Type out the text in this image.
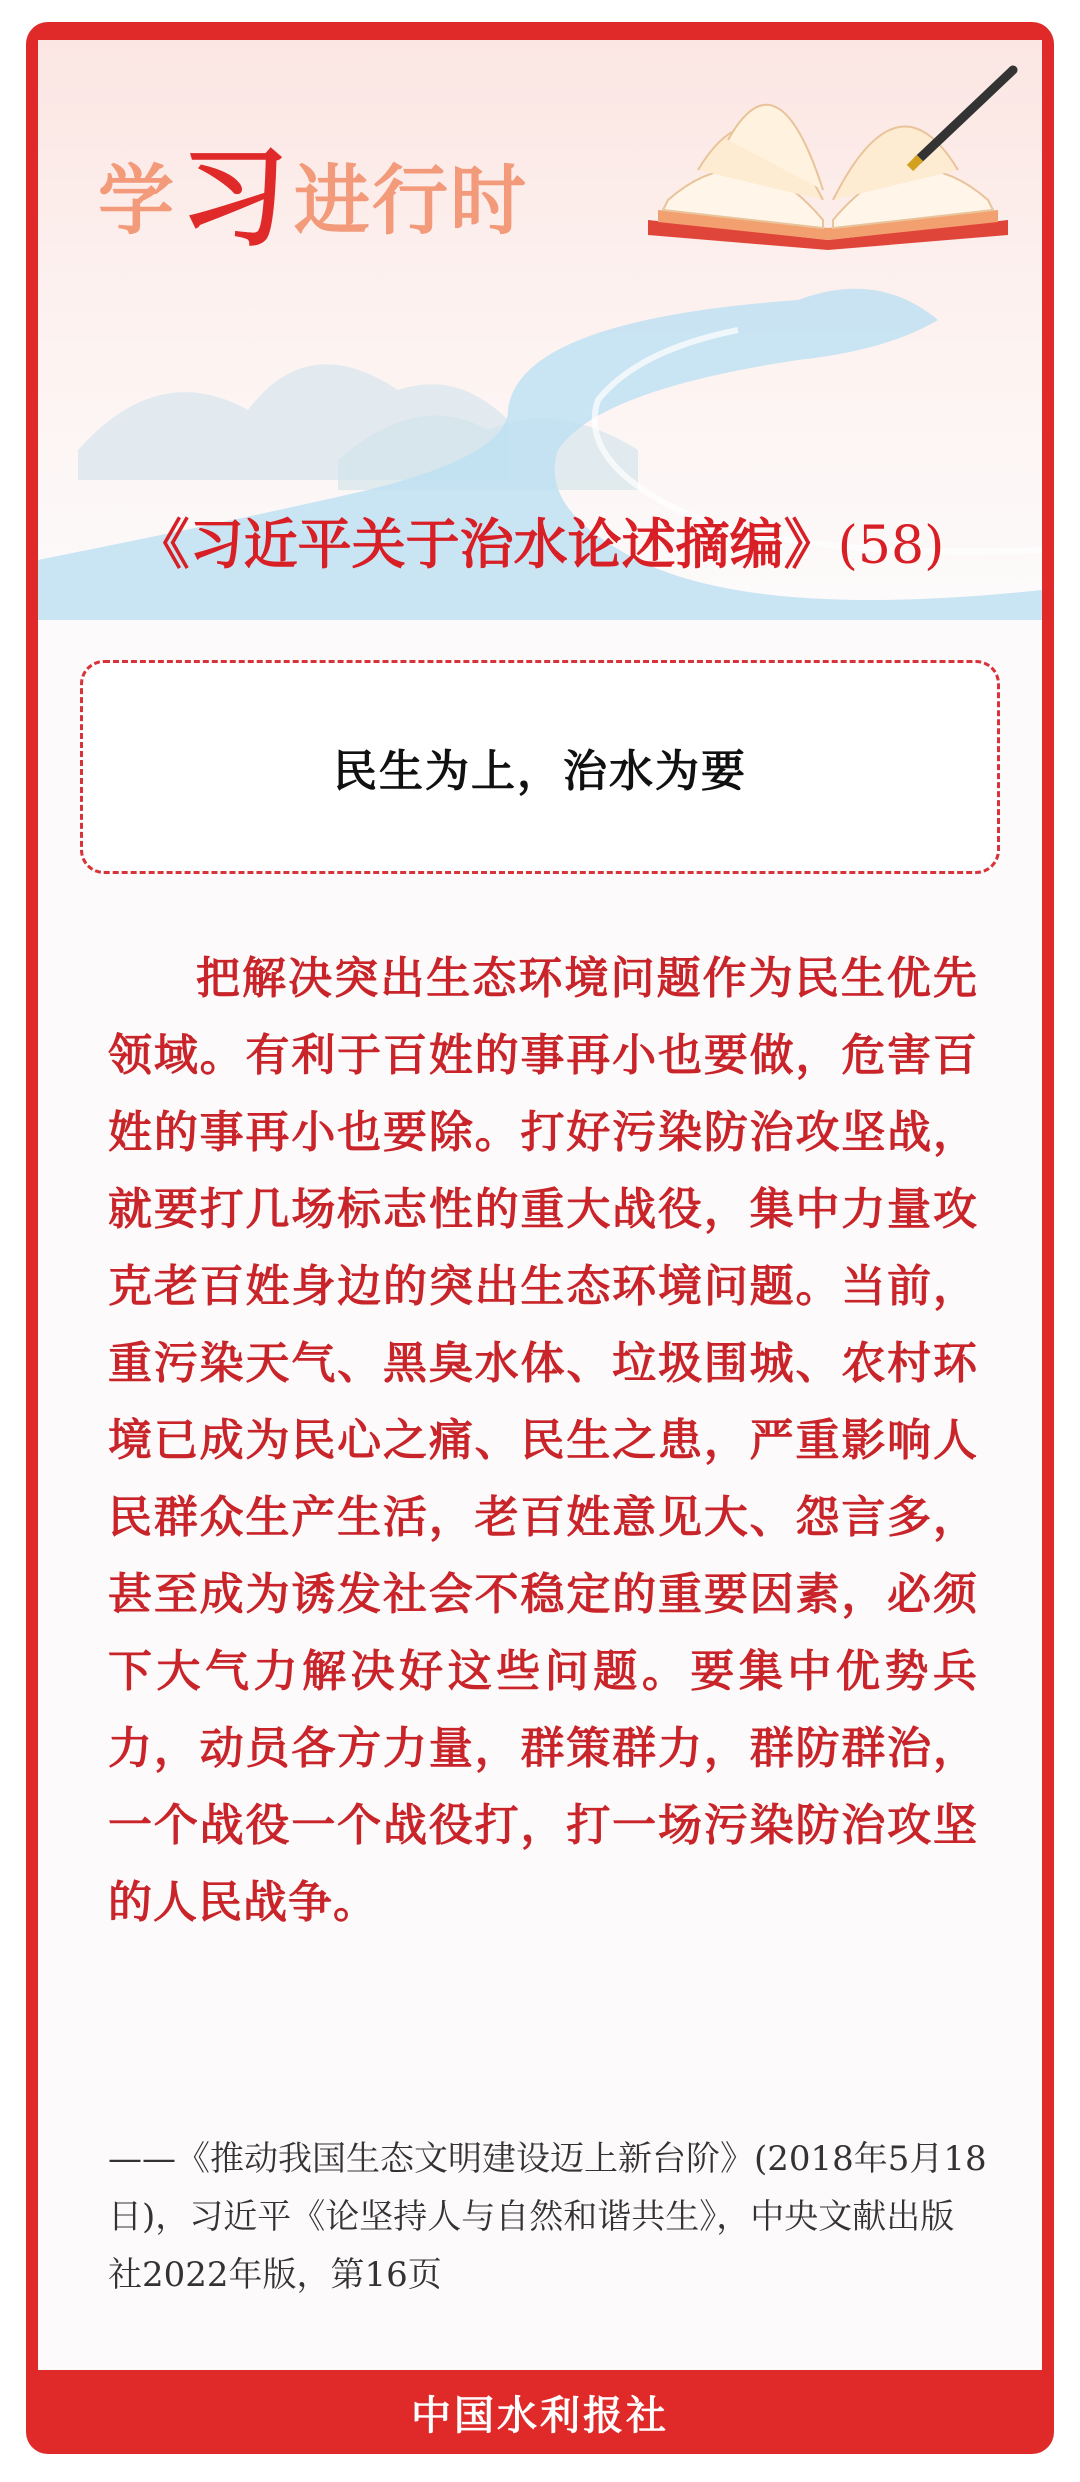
学 习 进行时
《习近平关于治水论述摘编》(58)
民生为上，治水为要

把解决突出生态环境问题作为民生优先领域。有利于百姓的事再小也要做，危害百姓的事再小也要除。打好污染防治攻坚战，就要打几场标志性的重大战役，集中力量攻克老百姓身边的突出生态环境问题。当前，重污染天气、黑臭水体、垃圾围城、农村环境已成为民心之痛、民生之患，严重影响人民群众生产生活，老百姓意见大、怨言多，甚至成为诱发社会不稳定的重要因素，必须下大气力解决好这些问题。要集中优势兵力，动员各方力量，群策群力，群防群治，一个战役一个战役打，打一场污染防治攻坚的人民战争。

——《推动我国生态文明建设迈上新台阶》(2018年5月18日)，习近平《论坚持人与自然和谐共生》，中央文献出版社2022年版，第16页

中国水利报社
